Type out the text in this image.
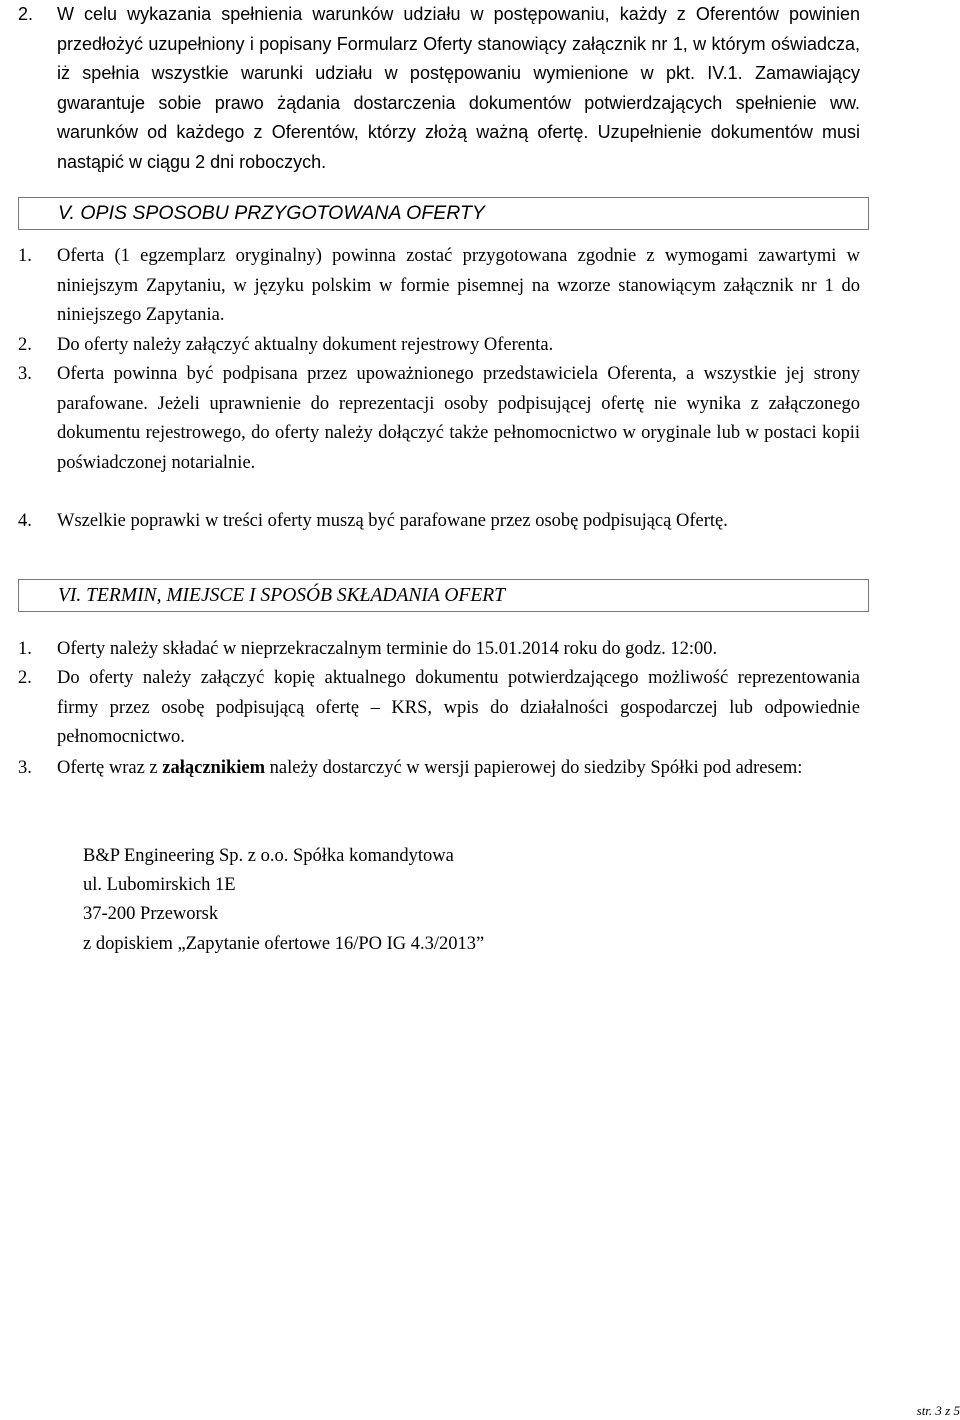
2. W celu wykazania spełnienia warunków udziału w postępowaniu, każdy z Oferentów powinien przedłożyć uzupełniony i popisany Formularz Oferty stanowiący załącznik nr 1, w którym oświadcza, iż spełnia wszystkie warunki udziału w postępowaniu wymienione w pkt. IV.1. Zamawiający gwarantuje sobie prawo żądania dostarczenia dokumentów potwierdzających spełnienie ww. warunków od każdego z Oferentów, którzy złożą ważną ofertę. Uzupełnienie dokumentów musi nastąpić w ciągu 2 dni roboczych.
V. OPIS SPOSOBU PRZYGOTOWANA OFERTY
1. Oferta (1 egzemplarz oryginalny) powinna zostać przygotowana zgodnie z wymogami zawartymi w niniejszym Zapytaniu, w języku polskim w formie pisemnej na wzorze stanowiącym załącznik nr 1 do niniejszego Zapytania.
2. Do oferty należy załączyć aktualny dokument rejestrowy Oferenta.
3. Oferta powinna być podpisana przez upoważnionego przedstawiciela Oferenta, a wszystkie jej strony parafowane. Jeżeli uprawnienie do reprezentacji osoby podpisującej ofertę nie wynika z załączonego dokumentu rejestrowego, do oferty należy dołączyć także pełnomocnictwo w oryginale lub w postaci kopii poświadczonej notarialnie.
4. Wszelkie poprawki w treści oferty muszą być parafowane przez osobę podpisującą Ofertę.
VI. TERMIN, MIEJSCE I SPOSÓB SKŁADANIA OFERT
1. Oferty należy składać w nieprzekraczalnym terminie do 15.01.2014 roku do godz. 12:00.
2. Do oferty należy załączyć kopię aktualnego dokumentu potwierdzającego możliwość reprezentowania firmy przez osobę podpisującą ofertę – KRS, wpis do działalności gospodarczej lub odpowiednie pełnomocnictwo.
3. Ofertę wraz z załącznikiem należy dostarczyć w wersji papierowej do siedziby Spółki pod adresem:
B&P Engineering Sp. z o.o. Spółka komandytowa
ul. Lubomirskich 1E
37-200 Przeworsk
z dopiskiem „Zapytanie ofertowe 16/PO IG 4.3/2013”
str. 3 z 5
